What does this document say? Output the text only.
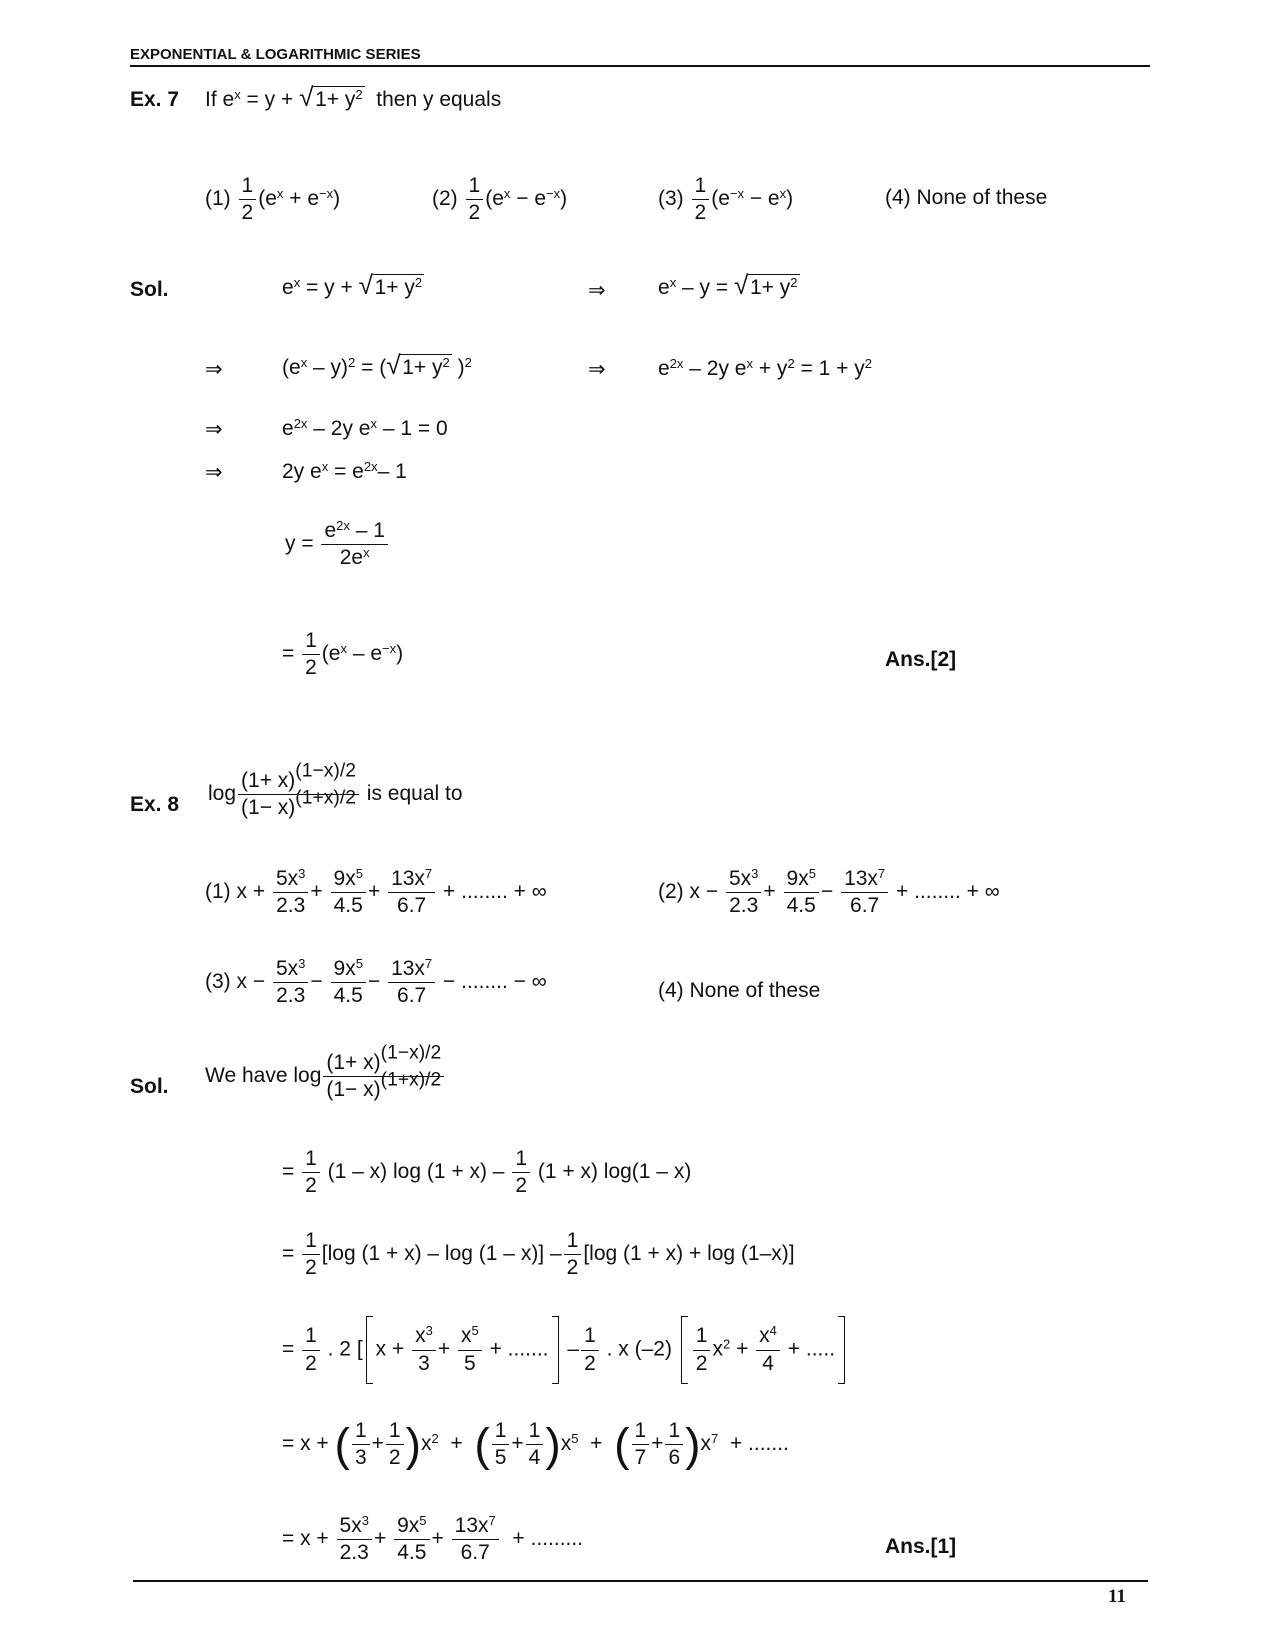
EXPONENTIAL & LOGARITHMIC SERIES
Ex. 7 If $e^x = y$ + √ $1+ y^2$ then y equals
$(1) \frac{1}{2} (e^x + e^{-x})$	$(2) \frac{1}{2} (e^x - e^{-x})$	$(3) \frac{1}{2} (e^{-x} - e^x)$	(4) None of these
Sol.	$e^x = y$ + √ $1+ y^2$	⇒ $e^x$ – y = √ $1+ y^2$
⇒	$(e^x - y)^2$ = ( √ $1+ y^2$ )$^2$	⇒ $e^{2x} - 2y$ $e^x + y^2 = 1 + y^2$
⇒	$e^{2x} - 2y$ $e^x - 1 = 0$
⇒	2y $e^x = e^{2x}-$ 1
$y = \frac{e^{2x} - 1}{2e^x}$
= $\frac{1}{2} (e^x - e^{-x})$	Ans.[2]
Ex. 8 $\log \frac{(1+ x)^{(1-x)/2}}{(1- x)^{(1+x)/2}}$ is equal to
(1) $x + \frac{5x^3}{2.3} + \frac{9x^5}{4.5} + \frac{13x^7}{6.7}$ + ........ + ∞	(2) $x - \frac{5x^3}{2.3} + \frac{9x^5}{4.5} - \frac{13x^7}{6.7}$ + ........ + ∞
(3) $x - \frac{5x^3}{2.3} - \frac{9x^5}{4.5} - \frac{13x^7}{6.7}$ − ........ − ∞	(4) None of these
Sol. We have $\log \frac{(1+ x)^{(1-x)/2}}{(1- x)^{(1+x)/2}}$
= $\frac{1}{2} (1 - x)$ $\log (1 + x) - \frac{1}{2} (1 + x)$ log(1 – x)
= $\frac{1}{2} [\log$ $(1 + x) - \log (1 - x)] - \frac{1}{2} [\log$ (1 + x) + log (1–x)]
= $\frac{1}{2}$ . 2 [ $x + \frac{x^3}{3} + \frac{x^5}{5}$ + ....... – $\frac{1}{2}$ . x $(-2) \frac{1}{2} x^2 + \frac{x^4}{4}$ + .....
= x + ( $\frac{1}{3} + \frac{1}{2} )x^2$ + ( $\frac{1}{5} + \frac{1}{4} )x^5$ + ( $\frac{1}{7} + \frac{1}{6} )x^7$ + .......
= $x + \frac{5x^3}{2.3} + \frac{9x^5}{4.5} + \frac{13x^7}{6.7}$ + .........	Ans.[1]
11
